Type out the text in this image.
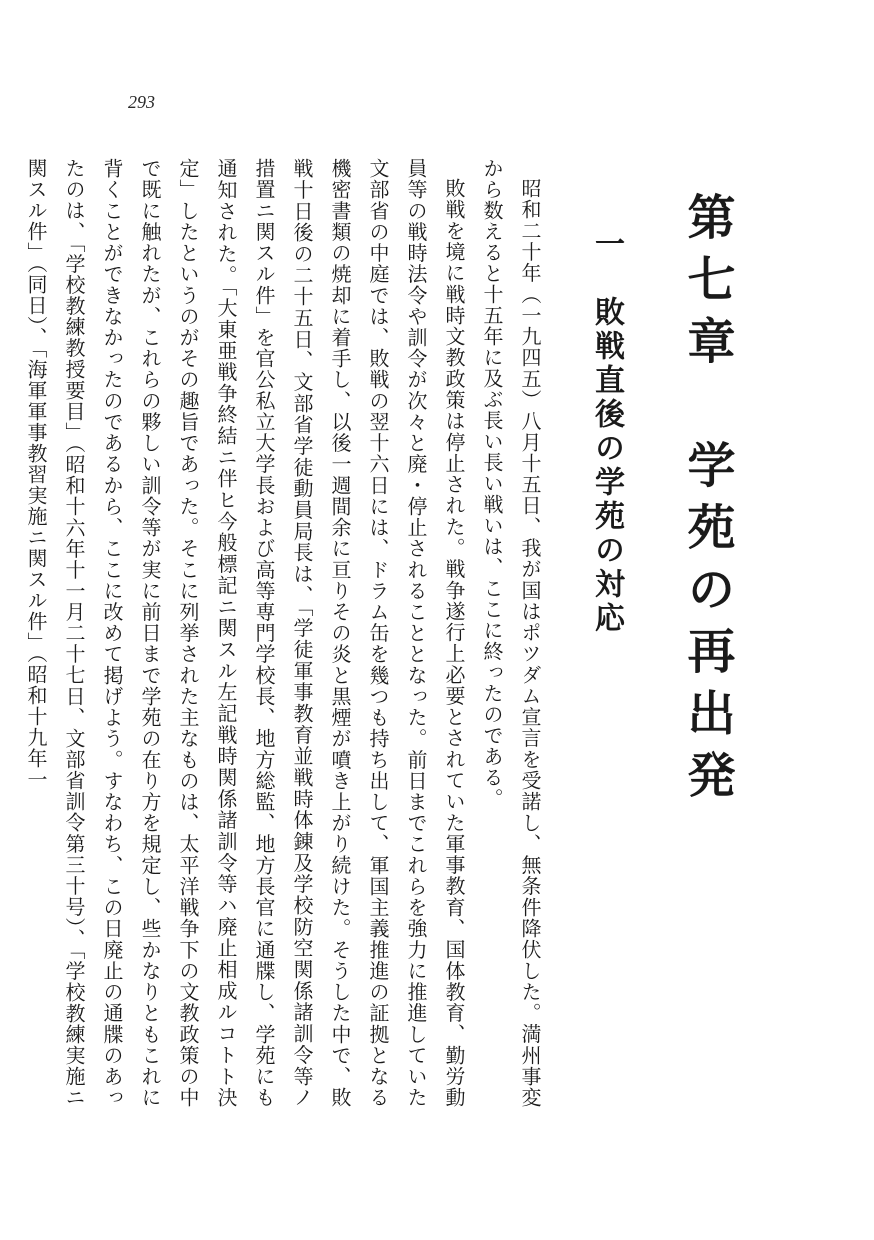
293
第七章　学苑の再出発
一　敗戦直後の学苑の対応

昭和二十年（一九四五）八月十五日、我が国はポツダム宣言を受諾し、無条件降伏した。満州事変から数えると十五年に及ぶ長い長い戦いは、ここに終ったのである。

敗戦を境に戦時文教政策は停止された。戦争遂行上必要とされていた軍事教育、国体教育、勤労動員等の戦時法令や訓令が次々と廃・停止されることとなった。前日までこれらを強力に推進していた文部省の中庭では、敗戦の翌十六日には、ドラム缶を幾つも持ち出して、軍国主義推進の証拠となる機密書類の焼却に着手し、以後一週間余に亘りその炎と黒煙が噴き上がり続けた。そうした中で、敗戦十日後の二十五日、文部省学徒動員局長は、「学徒軍事教育並戦時体錬及学校防空関係諸訓令等ノ措置ニ関スル件」を官公私立大学長および高等専門学校長、地方総監、地方長官に通牒し、学苑にも通知された。「大東亜戦争終結ニ伴ヒ今般標記ニ関スル左記戦時関係諸訓令等ハ廃止相成ルコトト決定」したというのがその趣旨であった。そこに列挙された主なものは、太平洋戦争下の文教政策の中で既に触れたが、これらの夥しい訓令等が実に前日まで学苑の在り方を規定し、些かなりともこれに背くことができなかったのであるから、ここに改めて掲げよう。すなわち、この日廃止の通牒のあったのは、「学校教練教授要目」（昭和十六年十一月二十七日、文部省訓令第三十号）、「学校教練実施ニ関スル件」（同日）、「海軍軍事教習実施ニ関スル件」（昭和十九年一
